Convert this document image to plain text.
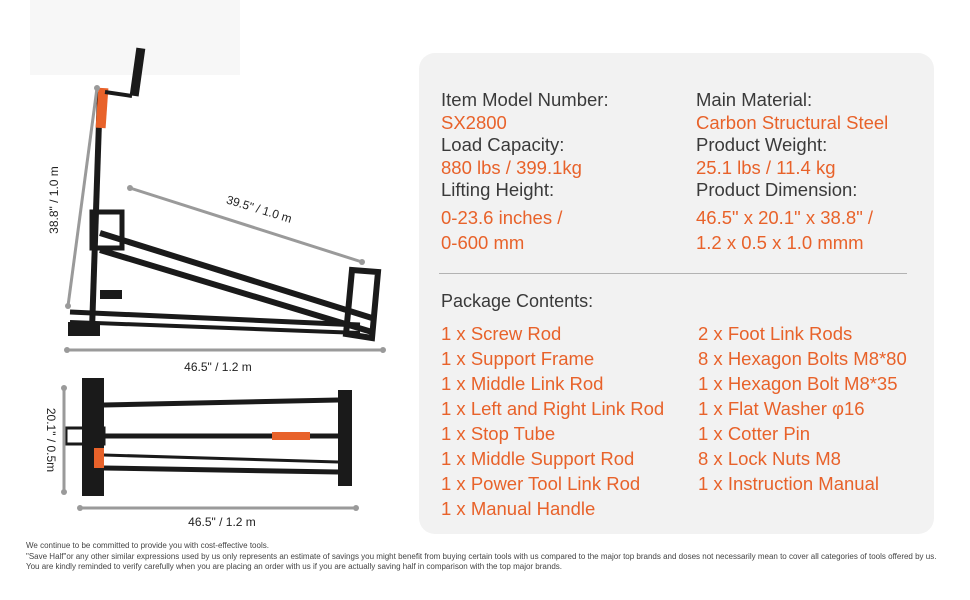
38.8" / 1.0 m	39.5" / 1.0 m
46.5" / 1.2 m
20.1" / 0.5m
46.5" / 1.2 m
Item Model Number:
SX2800
Load Capacity:
880 lbs / 399.1kg
Lifting Height:
0-23.6 inches /
0-600 mm
Main Material:
Carbon Structural Steel
Product Weight:
25.1 lbs / 11.4 kg
Product Dimension:
46.5" x 20.1" x 38.8" /
1.2 x 0.5 x 1.0 mmm
Package Contents:
1 x Screw Rod
1 x Support Frame
1 x Middle Link Rod
1 x Left and Right Link Rod
1 x Stop Tube
1 x Middle Support Rod
1 x Power Tool Link Rod
1 x Manual Handle
2 x Foot Link Rods
8 x Hexagon Bolts M8*80
1 x Hexagon Bolt M8*35
1 x Flat Washer φ16
1 x Cotter Pin
8 x Lock Nuts M8
1 x Instruction Manual

We continue to be committed to provide you with cost-effective tools.

"Save Half"or any other similar expressions used by us only represents an estimate of savings you might benefit from buying certain tools with us compared to the major top brands and doses not necessarily mean to cover all categories of tools offered by us.

You are kindly reminded to verify carefully when you are placing an order with us if you are actually saving half in comparison with the top major brands.
